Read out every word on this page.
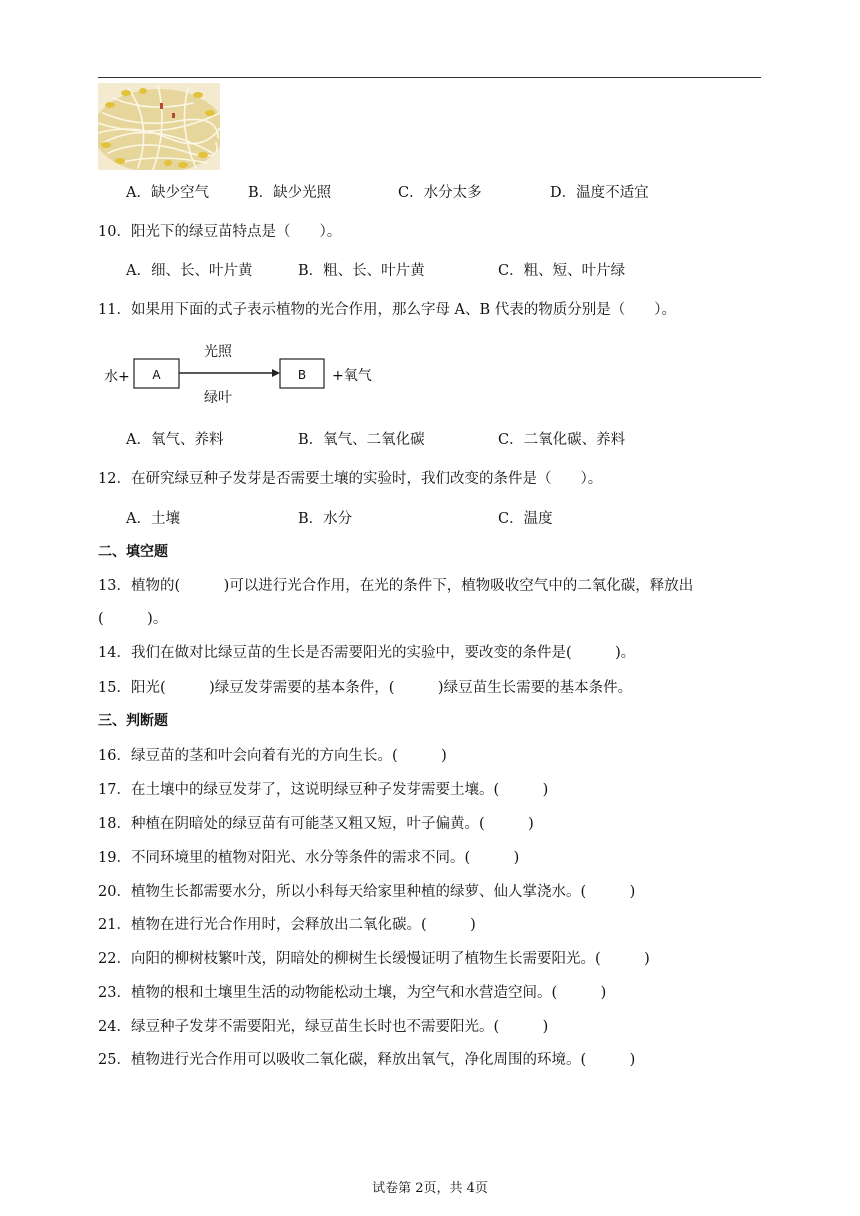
A．缺少空气	B．缺少光照	C．水分太多	D．温度不适宜
10．阳光下的绿豆苗特点是（　　）。
A．细、长、叶片黄	B．粗、长、叶片黄	C．粗、短、叶片绿
11．如果用下面的式子表示植物的光合作用，那么字母 A、B 代表的物质分别是（　　）。
水+ A
光照
绿叶
B +氧气
A．氧气、养料	B．氧气、二氧化碳	C．二氧化碳、养料
12．在研究绿豆种子发芽是否需要土壤的实验时，我们改变的条件是（　　）。
A．土壤	B．水分	C．温度
二、填空题
13．植物的(　　　)可以进行光合作用，在光的条件下，植物吸收空气中的二氧化碳，释放出
(　　　)。
14．我们在做对比绿豆苗的生长是否需要阳光的实验中，要改变的条件是(　　　)。
15．阳光(　　　)绿豆发芽需要的基本条件，(　　　)绿豆苗生长需要的基本条件。
三、判断题
16．绿豆苗的茎和叶会向着有光的方向生长。(　　　)
17．在土壤中的绿豆发芽了，这说明绿豆种子发芽需要土壤。(　　　)
18．种植在阴暗处的绿豆苗有可能茎又粗又短，叶子偏黄。(　　　)
19．不同环境里的植物对阳光、水分等条件的需求不同。(　　　)
20．植物生长都需要水分，所以小科每天给家里种植的绿萝、仙人掌浇水。(　　　)
21．植物在进行光合作用时，会释放出二氧化碳。(　　　)
22．向阳的柳树枝繁叶茂，阴暗处的柳树生长缓慢证明了植物生长需要阳光。(　　　)
23．植物的根和土壤里生活的动物能松动土壤，为空气和水营造空间。(　　　)
24．绿豆种子发芽不需要阳光，绿豆苗生长时也不需要阳光。(　　　)
25．植物进行光合作用可以吸收二氧化碳，释放出氧气，净化周围的环境。(　　　)
试卷第 2页，共 4页
